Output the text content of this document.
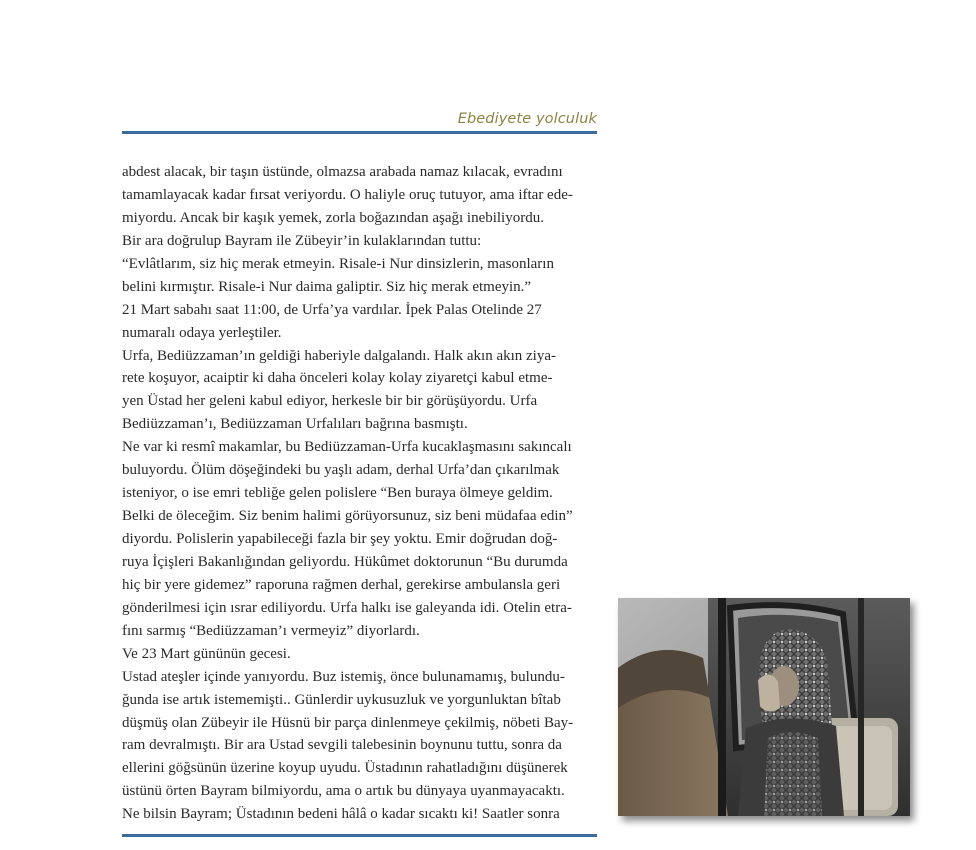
Ebediyete yolculuk
abdest alacak, bir taşın üstünde, olmazsa arabada namaz kılacak, evradını
tamamlayacak kadar fırsat veriyordu. O haliyle oruç tutuyor, ama iftar ede-
miyordu. Ancak bir kaşık yemek, zorla boğazından aşağı inebiliyordu.
Bir ara doğrulup Bayram ile Zübeyir’in kulaklarından tuttu:
“Evlâtlarım, siz hiç merak etmeyin. Risale-i Nur dinsizlerin, masonların
belini kırmıştır. Risale-i Nur daima galiptir. Siz hiç merak etmeyin.”
21 Mart sabahı saat 11:00, de Urfa’ya vardılar. İpek Palas Otelinde 27
numaralı odaya yerleştiler.
Urfa, Bediüzzaman’ın geldiği haberiyle dalgalandı. Halk akın akın ziya-
rete koşuyor, acaiptir ki daha önceleri kolay kolay ziyaretçi kabul etme-
yen Üstad her geleni kabul ediyor, herkesle bir bir görüşüyordu. Urfa
Bediüzzaman’ı, Bediüzzaman Urfalıları bağrına basmıştı.
Ne var ki resmî makamlar, bu Bediüzzaman-Urfa kucaklaşmasını sakıncalı
buluyordu. Ölüm döşeğindeki bu yaşlı adam, derhal Urfa’dan çıkarılmak
isteniyor, o ise emri tebliğe gelen polislere “Ben buraya ölmeye geldim.
Belki de öleceğim. Siz benim halimi görüyorsunuz, siz beni müdafaa edin”
diyordu. Polislerin yapabileceği fazla bir şey yoktu. Emir doğrudan doğ-
ruya İçişleri Bakanlığından geliyordu. Hükûmet doktorunun “Bu durumda
hiç bir yere gidemez” raporuna rağmen derhal, gerekirse ambulansla geri
gönderilmesi için ısrar ediliyordu. Urfa halkı ise galeyanda idi. Otelin etra-
fını sarmış “Bediüzzaman’ı vermeyiz” diyorlardı.
Ve 23 Mart gününün gecesi.
Ustad ateşler içinde yanıyordu. Buz istemiş, önce bulunamamış, bulundu-
ğunda ise artık istememişti.. Günlerdir uykusuzluk ve yorgunluktan bîtab
düşmüş olan Zübeyir ile Hüsnü bir parça dinlenmeye çekilmiş, nöbeti Bay-
ram devralmıştı. Bir ara Ustad sevgili talebesinin boynunu tuttu, sonra da
ellerini göğsünün üzerine koyup uyudu. Üstadının rahatladığını düşünerek
üstünü örten Bayram bilmiyordu, ama o artık bu dünyaya uyanmayacaktı.
Ne bilsin Bayram; Üstadının bedeni hâlâ o kadar sıcaktı ki! Saatler sonra
